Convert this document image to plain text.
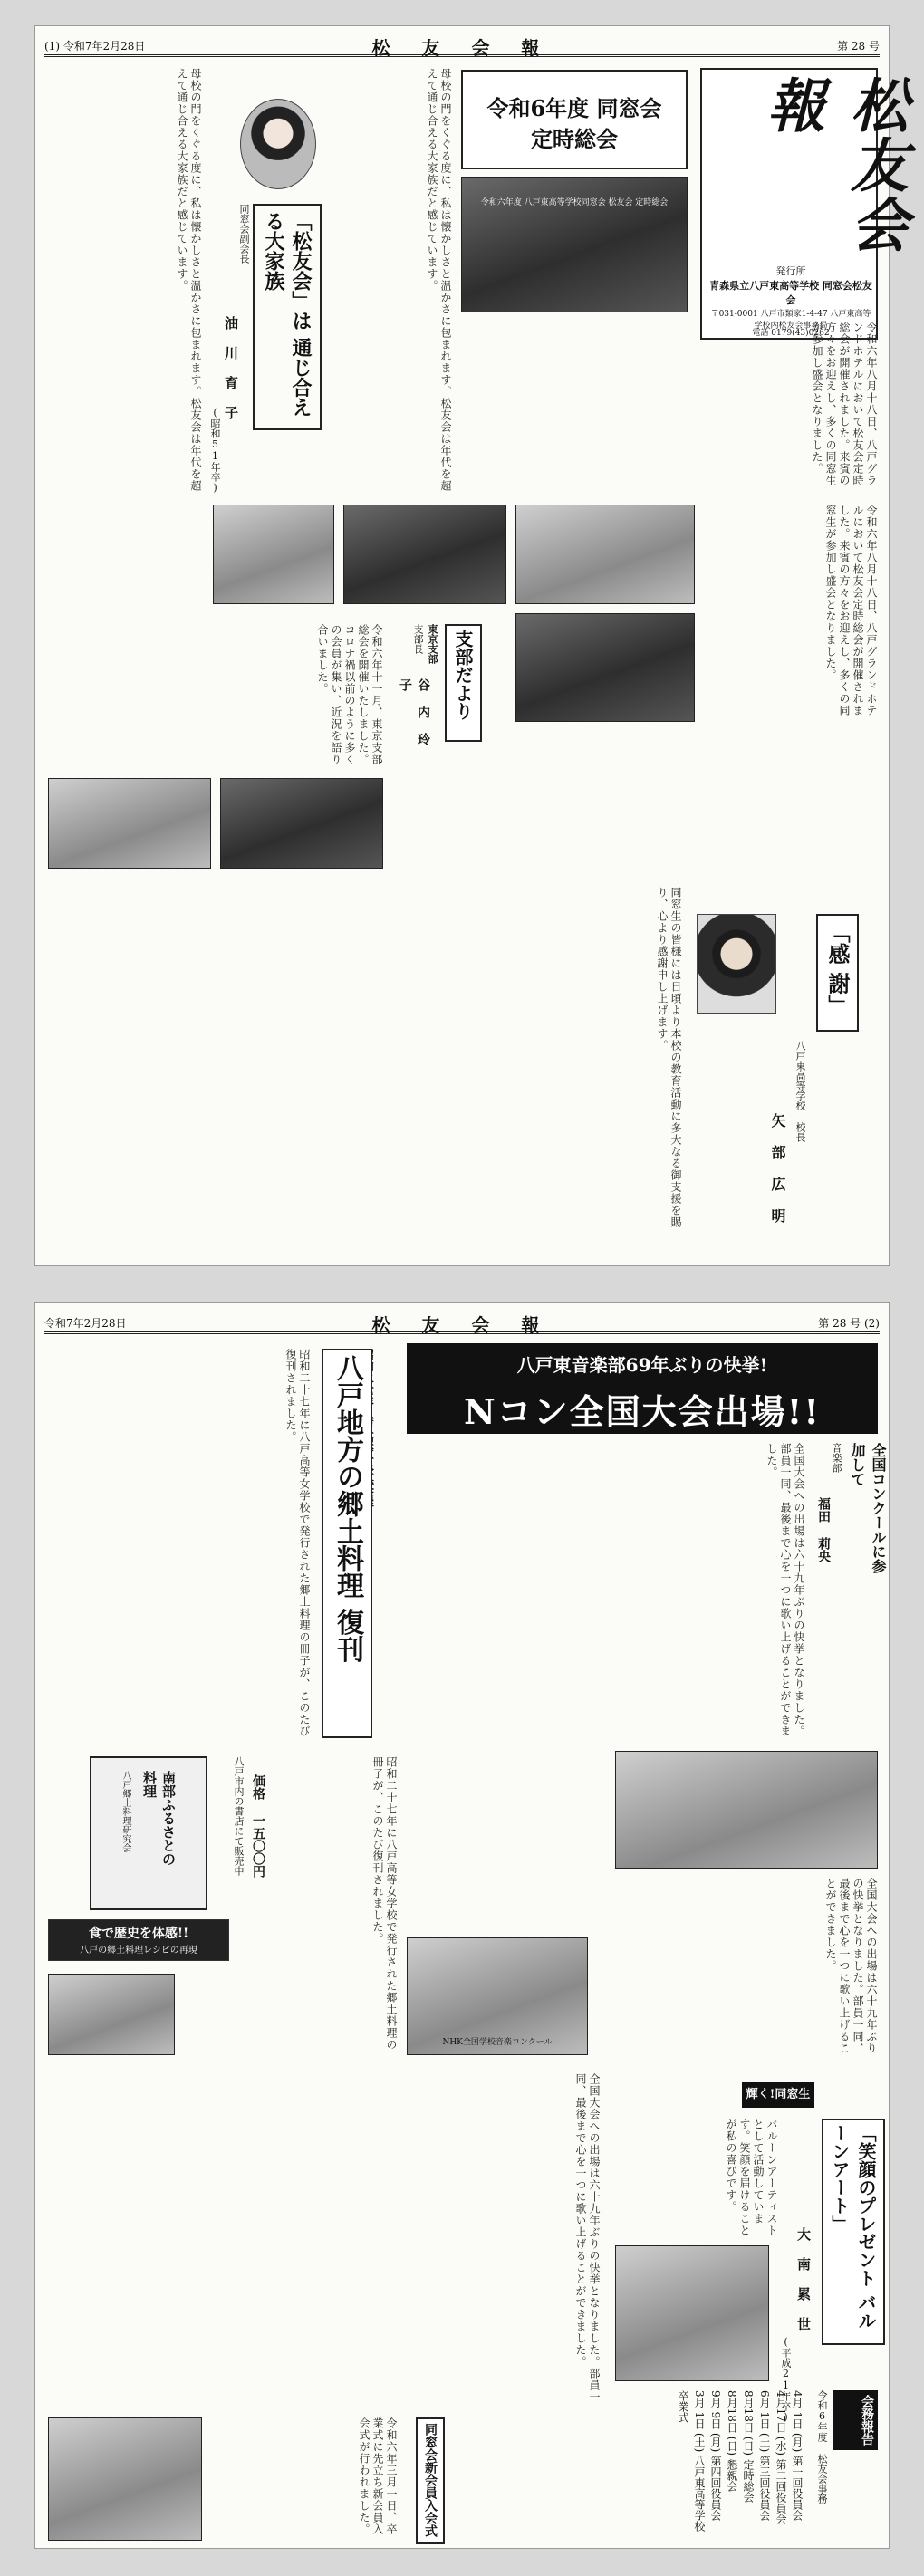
(1) 令和7年2月28日	松 友 会 報	第 28 号
松友会報
発行所
青森県立八戸東高等学校 同窓会松友会
〒031-0001 八戸市類家1-4-47 八戸東高等学校内松友会事務局
電話 0179(43)0262
令和6年度 同窓会定時総会
令和六年度 八戸東高等学校同窓会 松友会 定時総会
令和六年八月十八日、八戸グランドホテルにおいて松友会定時総会が開催されました。来賓の方々をお迎えし、多くの同窓生が参加し盛会となりました。
「松友会」は 通じ合える大家族
同窓会副会長
油 川 育 子
(昭和51年卒)	母校の門をくぐる度に、私は懐かしさと温かさに包まれます。松友会は年代を超えて通じ合える大家族だと感じています。
母校の門をくぐる度に、私は懐かしさと温かさに包まれます。松友会は年代を超えて通じ合える大家族だと感じています。
令和六年八月十八日、八戸グランドホテルにおいて松友会定時総会が開催されました。来賓の方々をお迎えし、多くの同窓生が参加し盛会となりました。
支部だより
東京支部
支部長
谷 内 玲 子
令和六年十一月、東京支部総会を開催いたしました。コロナ禍以前のように多くの会員が集い、近況を語り合いました。
「感 謝」
八戸東高等学校 校長
矢 部 広 明
同窓生の皆様には日頃より本校の教育活動に多大なる御支援を賜り、心より感謝申し上げます。
令和7年2月28日	松 友 会 報	第 28 号 (2)
八戸東音楽部69年ぶりの快挙!
Nコン全国大会出場!!
全国コンクールに参加して
音楽部
福田 莉央
全国大会への出場は六十九年ぶりの快挙となりました。部員一同、最後まで心を一つに歌い上げることができました。
NHK全国学校音楽コンクール	全国大会への出場は六十九年ぶりの快挙となりました。部員一同、最後まで心を一つに歌い上げることができました。
八戸地方の郷土料理 復刊
昭和二十七年に八戸高等女学校で発行された郷土料理の冊子が、このたび復刊されました。
南部ふるさとの料理
八戸郷土料理研究会
食で歴史を体感!!
八戸の郷土料理レシピの再現
価格 一五〇〇円
八戸市内の書店にて販売中	昭和二十七年に八戸高等女学校で発行された郷土料理の冊子が、このたび復刊されました。
輝く!同窓生
「笑顔のプレゼント バルーンアート」
大 南 累 世
(平成21年卒)
バルーンアーティストとして活動しています。笑顔を届けることが私の喜びです。
会務報告
令和6年度 松友会事務
4月 1日 (月) 第一回役員会
4月17日 (水) 第二回役員会
6月 1日 (土) 第三回役員会
8月18日 (日) 定時総会
8月18日 (日) 懇親会
9月 9日 (月) 第四回役員会
3月 1日 (土) 八戸東高等学校卒業式
同窓会新会員入会式
令和六年三月一日、卒業式に先立ち新会員入会式が行われました。
全国大会への出場は六十九年ぶりの快挙となりました。部員一同、最後まで心を一つに歌い上げることができました。
